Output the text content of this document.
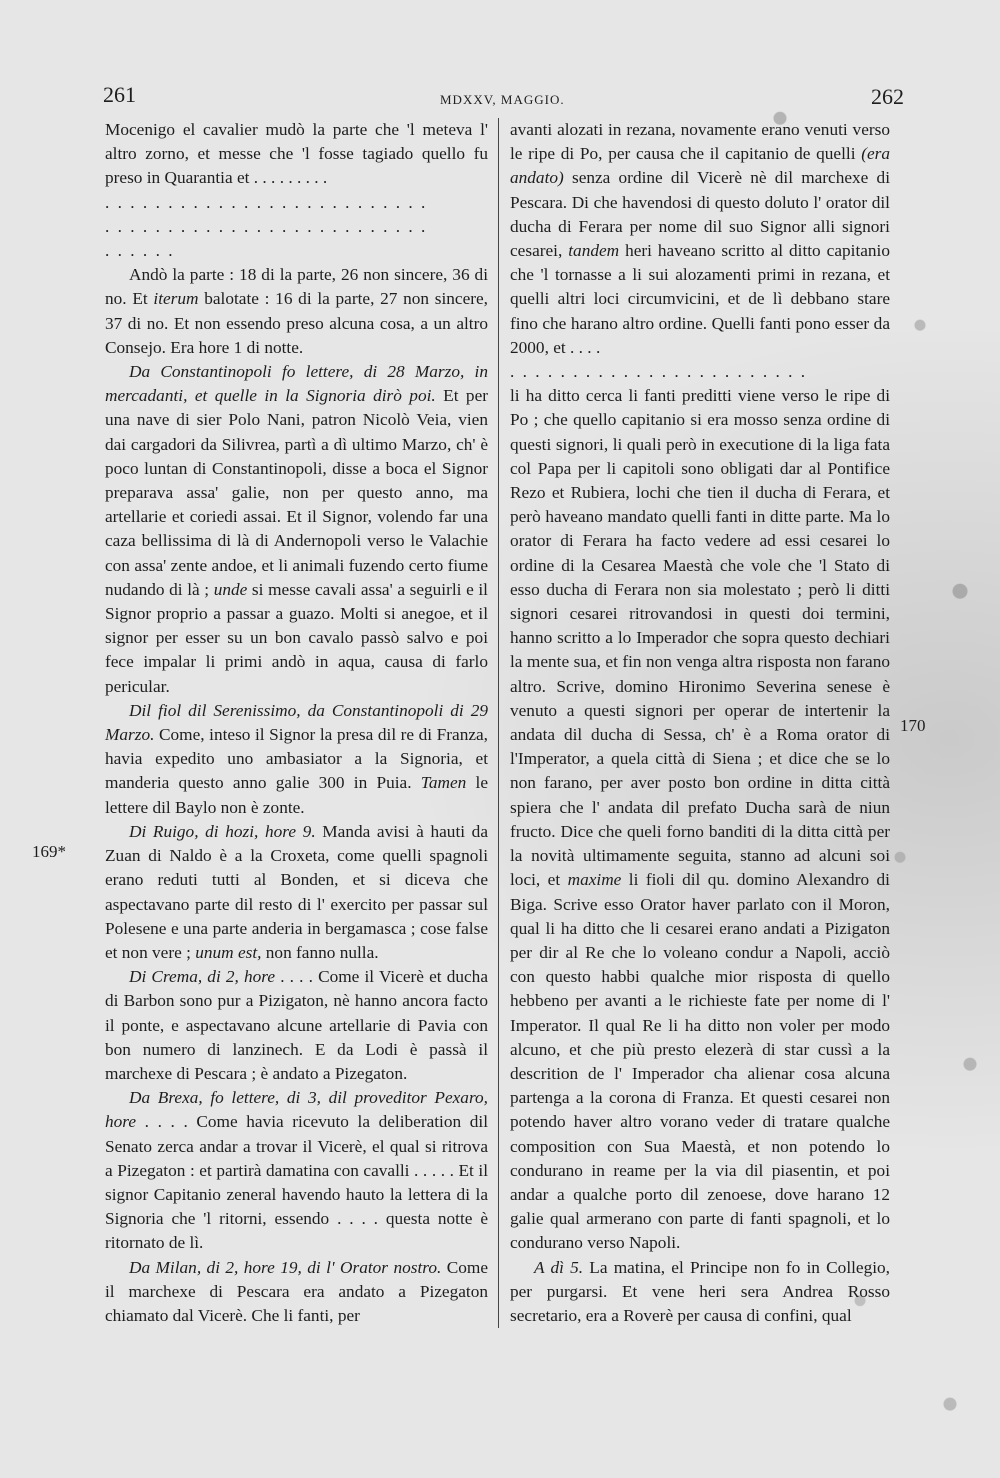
261	MDXXV, MAGGIO.	262
169*
170

Mocenigo el cavalier mudò la parte che 'l meteva l' altro zorno, et messe che 'l fosse tagiado quello fu preso in Quarantia et . . . . . . . . .

. . . . . . . . . . . . . . . . . . . . . . . . . .
. . . . . . . . . . . . . . . . . . . . . . . . . .
. . . . . .

Andò la parte : 18 di la parte, 26 non sincere, 36 di no. Et iterum balotate : 16 di la parte, 27 non sincere, 37 di no. Et non essendo preso alcuna cosa, a un altro Consejo. Era hore 1 di notte.

Da Constantinopoli fo lettere, di 28 Marzo, in mercadanti, et quelle in la Signoria dirò poi. Et per una nave di sier Polo Nani, patron Nicolò Veia, vien dai cargadori da Silivrea, partì a dì ultimo Marzo, ch' è poco luntan di Constantinopoli, disse a boca el Signor preparava assa' galie, non per questo anno, ma artellarie et coriedi assai. Et il Signor, volendo far una caza bellissima di là di Andernopoli verso le Valachie con assa' zente andoe, et li animali fuzendo certo fiume nudando di là ; unde si messe cavali assa' a seguirli e il Signor proprio a passar a guazo. Molti si anegoe, et il signor per esser su un bon cavalo passò salvo e poi fece impalar li primi andò in aqua, causa di farlo pericular.

Dil fiol dil Serenissimo, da Constantinopoli di 29 Marzo. Come, inteso il Signor la presa dil re di Franza, havia expedito uno ambasiator a la Signoria, et manderia questo anno galie 300 in Puia. Tamen le lettere dil Baylo non è zonte.

Di Ruigo, di hozi, hore 9. Manda avisi à hauti da Zuan di Naldo è a la Croxeta, come quelli spagnoli erano reduti tutti al Bonden, et si diceva che aspectavano parte dil resto di l' exercito per passar sul Polesene e una parte anderia in bergamasca ; cose false et non vere ; unum est, non fanno nulla.

Di Crema, di 2, hore . . . . Come il Vicerè et ducha di Barbon sono pur a Pizigaton, nè hanno ancora facto il ponte, e aspectavano alcune artellarie di Pavia con bon numero di lanzinech. E da Lodi è passà il marchexe di Pescara ; è andato a Pizegaton.

Da Brexa, fo lettere, di 3, dil proveditor Pexaro, hore . . . . Come havia ricevuto la deliberation dil Senato zerca andar a trovar il Vicerè, el qual si ritrova a Pizegaton : et partirà damatina con cavalli . . . . . Et il signor Capitanio zeneral havendo hauto la lettera di la Signoria che 'l ritorni, essendo . . . . questa notte è ritornato de lì.

Da Milan, di 2, hore 19, di l' Orator nostro. Come il marchexe di Pescara era andato a Pizegaton chiamato dal Vicerè. Che li fanti, per

avanti alozati in rezana, novamente erano venuti verso le ripe di Po, per causa che il capitanio de quelli (era andato) senza ordine dil Vicerè nè dil marchexe di Pescara. Di che havendosi di questo doluto l' orator dil ducha di Ferara per nome dil suo Signor alli signori cesarei, tandem heri haveano scritto al ditto capitanio che 'l tornasse a li sui alozamenti primi in rezana, et quelli altri loci circumvicini, et de lì debbano stare fino che harano altro ordine. Quelli fanti pono esser da 2000, et . . . .

. . . . . . . . . . . . . . . . . . . . . . . .

li ha ditto cerca li fanti preditti viene verso le ripe di Po ; che quello capitanio si era mosso senza ordine di questi signori, li quali però in executione di la liga fata col Papa per li capitoli sono obligati dar al Pontifice Rezo et Rubiera, lochi che tien il ducha di Ferara, et però haveano mandato quelli fanti in ditte parte. Ma lo orator di Ferara ha facto vedere ad essi cesarei lo ordine di la Cesarea Maestà che vole che 'l Stato di esso ducha di Ferara non sia molestato ; però li ditti signori cesarei ritrovandosi in questi doi termini, hanno scritto a lo Imperador che sopra questo dechiari la mente sua, et fin non venga altra risposta non farano altro. Scrive, domino Hironimo Severina senese è venuto a questi signori per operar de intertenir la andata dil ducha di Sessa, ch' è a Roma orator di l'Imperator, a quela città di Siena ; et dice che se lo non farano, per aver posto bon ordine in ditta città spiera che l' andata dil prefato Ducha sarà de niun fructo. Dice che queli forno banditi di la ditta città per la novità ultimamente seguita, stanno ad alcuni soi loci, et maxime li fioli dil qu. domino Alexandro di Biga. Scrive esso Orator haver parlato con il Moron, qual li ha ditto che li cesarei erano andati a Pizigaton per dir al Re che lo voleano condur a Napoli, acciò con questo habbi qualche mior risposta di quello hebbeno per avanti a le richieste fate per nome di l' Imperator. Il qual Re li ha ditto non voler per modo alcuno, et che più presto elezerà di star cussì a la descrition de l' Imperador cha alienar cosa alcuna partenga a la corona di Franza. Et questi cesarei non potendo haver altro vorano veder di tratare qualche composition con Sua Maestà, et non potendo lo condurano in reame per la via dil piasentin, et poi andar a qualche porto dil zenoese, dove harano 12 galie qual armerano con parte di fanti spagnoli, et lo condurano verso Napoli.

A dì 5. La matina, el Principe non fo in Collegio, per purgarsi. Et vene heri sera Andrea Rosso secretario, era a Roverè per causa di confini, qual
